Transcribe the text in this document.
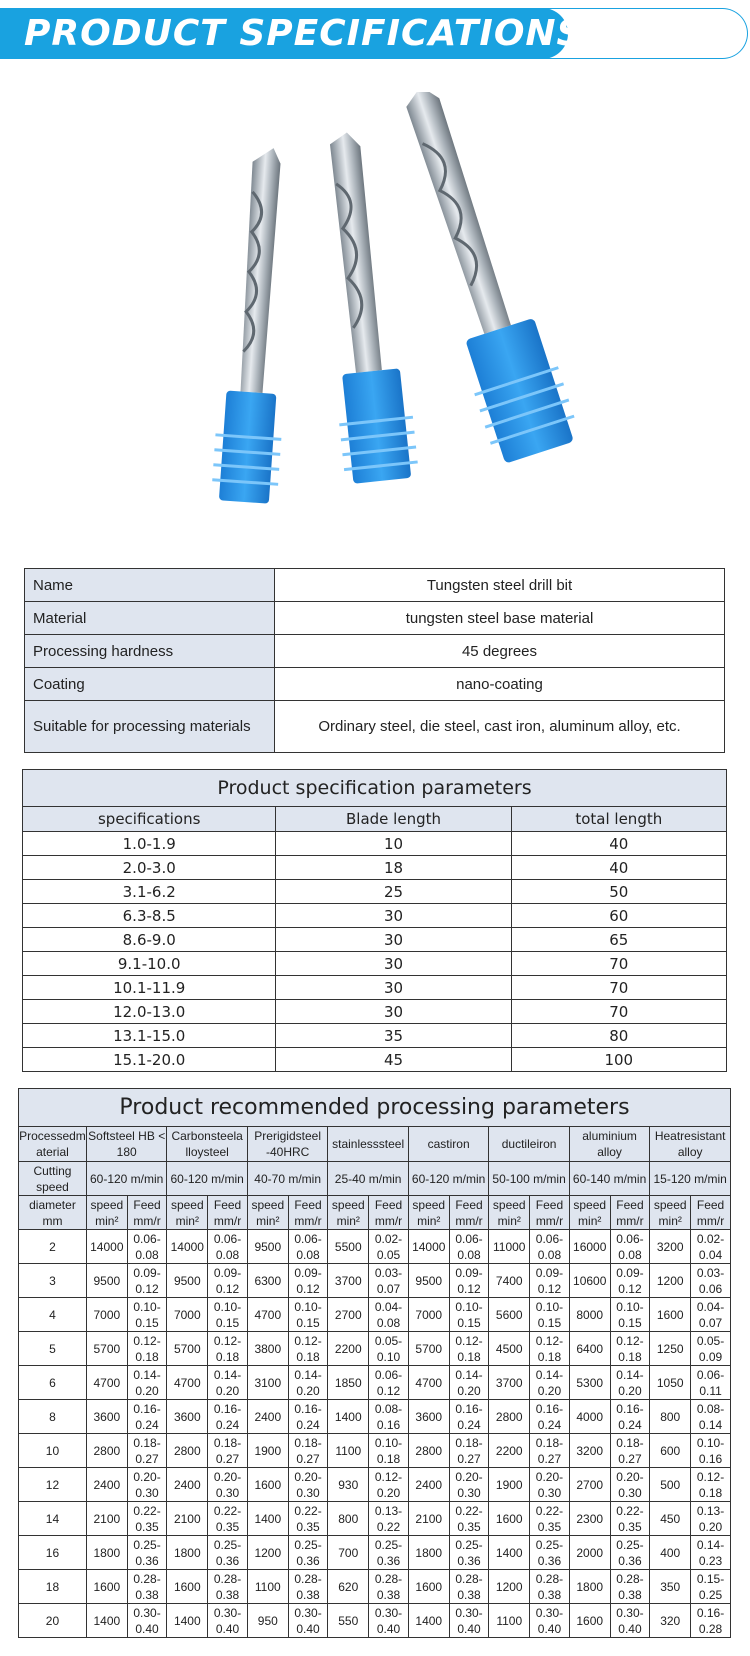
PRODUCT SPECIFICATIONS
Name	Tungsten steel drill bit
Material	tungsten steel base material
Processing hardness	45 degrees
Coating	nano-coating
Suitable for processing materials	Ordinary steel, die steel, cast iron, aluminum alloy, etc.
Product specification parameters		
specifications	Blade length	total length
1.0-1.9	10	40
2.0-3.0	18	40
3.1-6.2	25	50
6.3-8.5	30	60
8.6-9.0	30	65
9.1-10.0	30	70
10.1-11.9	30	70
12.0-13.0	30	70
13.1-15.0	35	80
15.1-20.0	45	100
Product recommended processing parameters																
Processedm aterial	Softsteel HB < 180		Carbonsteela lloysteel		Prerigidsteel -40HRC		stainlesssteel		castiron		ductileiron		aluminium alloy		Heatresistant alloy	
Cutting speed	60-120 m/min		60-120 m/min		40-70 m/min		25-40 m/min		60-120 m/min		50-100 m/min		60-140 m/min		15-120 m/min	
diameter mm	speed min²	Feed mm/r	speed min²	Feed mm/r	speed min²	Feed mm/r	speed min²	Feed mm/r	speed min²	Feed mm/r	speed min²	Feed mm/r	speed min²	Feed mm/r	speed min²	Feed mm/r
2	14000	0.06-0.08	14000	0.06-0.08	9500	0.06-0.08	5500	0.02-0.05	14000	0.06-0.08	11000	0.06-0.08	16000	0.06-0.08	3200	0.02-0.04
3	9500	0.09-0.12	9500	0.09-0.12	6300	0.09-0.12	3700	0.03-0.07	9500	0.09-0.12	7400	0.09-0.12	10600	0.09-0.12	1200	0.03-0.06
4	7000	0.10-0.15	7000	0.10-0.15	4700	0.10-0.15	2700	0.04-0.08	7000	0.10-0.15	5600	0.10-0.15	8000	0.10-0.15	1600	0.04-0.07
5	5700	0.12-0.18	5700	0.12-0.18	3800	0.12-0.18	2200	0.05-0.10	5700	0.12-0.18	4500	0.12-0.18	6400	0.12-0.18	1250	0.05-0.09
6	4700	0.14-0.20	4700	0.14-0.20	3100	0.14-0.20	1850	0.06-0.12	4700	0.14-0.20	3700	0.14-0.20	5300	0.14-0.20	1050	0.06-0.11
8	3600	0.16-0.24	3600	0.16-0.24	2400	0.16-0.24	1400	0.08-0.16	3600	0.16-0.24	2800	0.16-0.24	4000	0.16-0.24	800	0.08-0.14
10	2800	0.18-0.27	2800	0.18-0.27	1900	0.18-0.27	1100	0.10-0.18	2800	0.18-0.27	2200	0.18-0.27	3200	0.18-0.27	600	0.10-0.16
12	2400	0.20-0.30	2400	0.20-0.30	1600	0.20-0.30	930	0.12-0.20	2400	0.20-0.30	1900	0.20-0.30	2700	0.20-0.30	500	0.12-0.18
14	2100	0.22-0.35	2100	0.22-0.35	1400	0.22-0.35	800	0.13-0.22	2100	0.22-0.35	1600	0.22-0.35	2300	0.22-0.35	450	0.13-0.20
16	1800	0.25-0.36	1800	0.25-0.36	1200	0.25-0.36	700	0.25-0.36	1800	0.25-0.36	1400	0.25-0.36	2000	0.25-0.36	400	0.14-0.23
18	1600	0.28-0.38	1600	0.28-0.38	1100	0.28-0.38	620	0.28-0.38	1600	0.28-0.38	1200	0.28-0.38	1800	0.28-0.38	350	0.15-0.25
20	1400	0.30-0.40	1400	0.30-0.40	950	0.30-0.40	550	0.30-0.40	1400	0.30-0.40	1100	0.30-0.40	1600	0.30-0.40	320	0.16-0.28
